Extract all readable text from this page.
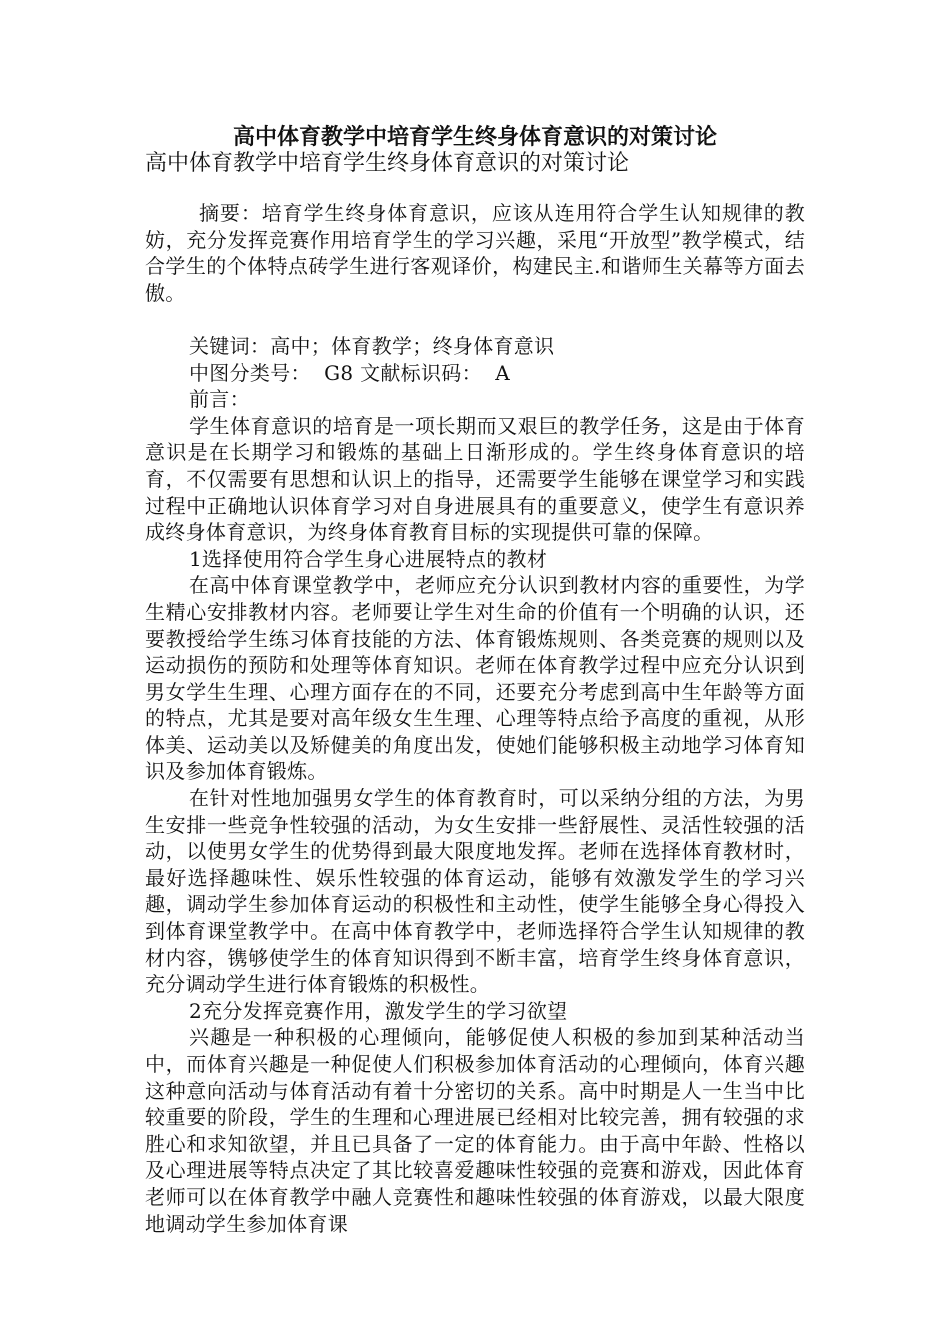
高中体育教学中培育学生终身体育意识的对策讨论
高中体育教学中培育学生终身体育意识的对策讨论

摘要：培育学生终身体育意识，应该从连用符合学生认知规律的教妨，充分发挥竞赛作用培育学生的学习兴趣，采甩“开放型”教学模式，结合学生的个体特点砖学生进行客观译价，构建民主.和谐师生关幕等方面去傲。

关键词：高中；体育教学；终身体育意识

中图分类号：  G8 文献标识码：  A

前言：

学生体育意识的培育是一项长期而又艰巨的教学任务，这是由于体育意识是在长期学习和锻炼的基础上日渐形成的。学生终身体育意识的培育，不仅需要有思想和认识上的指导，还需要学生能够在课堂学习和实践过程中正确地认识体育学习对自身进展具有的重要意义，使学生有意识养成终身体育意识，为终身体育教育目标的实现提供可靠的保障。

1选择使用符合学生身心进展特点的教材

在高中体育课堂教学中，老师应充分认识到教材内容的重要性，为学生精心安排教材内容。老师要让学生对生命的价值有一个明确的认识，还要教授给学生练习体育技能的方法、体育锻炼规则、各类竞赛的规则以及运动损伤的预防和处理等体育知识。老师在体育教学过程中应充分认识到男女学生生理、心理方面存在的不同，还要充分考虑到高中生年龄等方面的特点，尤其是要对高年级女生生理、心理等特点给予高度的重视，从形体美、运动美以及矫健美的角度出发，使她们能够积极主动地学习体育知识及参加体育锻炼。

在针对性地加强男女学生的体育教育时，可以采纳分组的方法，为男生安排一些竞争性较强的活动，为女生安排一些舒展性、灵活性较强的活动，以使男女学生的优势得到最大限度地发挥。老师在选择体育教材时，最好选择趣味性、娱乐性较强的体育运动，能够有效激发学生的学习兴趣，调动学生参加体育运动的积极性和主动性，使学生能够全身心得投入到体育课堂教学中。在高中体育教学中，老师选择符合学生认知规律的教材内容，镌够使学生的体育知识得到不断丰富，培育学生终身体育意识，充分调动学生进行体育锻炼的积极性。

2充分发挥竞赛作用，激发学生的学习欲望

兴趣是一种积极的心理倾向，能够促使人积极的参加到某种活动当中，而体育兴趣是一种促使人们积极参加体育活动的心理倾向，体育兴趣这种意向活动与体育活动有着十分密切的关系。高中时期是人一生当中比较重要的阶段，学生的生理和心理进展已经相对比较完善，拥有较强的求胜心和求知欲望，并且已具备了一定的体育能力。由于高中年龄、性格以及心理进展等特点决定了其比较喜爱趣味性较强的竞赛和游戏，因此体育老师可以在体育教学中融人竞赛性和趣味性较强的体育游戏，以最大限度地调动学生参加体育课
